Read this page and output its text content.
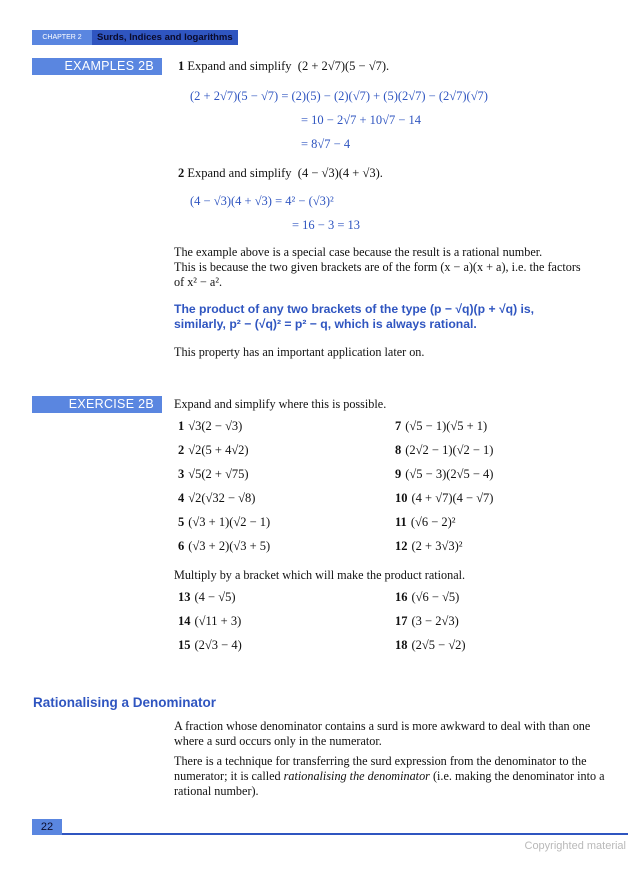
CHAPTER 2	Surds, Indices and logarithms
EXAMPLES 2B	1 Expand and simplify (2 + 2√7)(5 − √7).
(2 + 2√7)(5 − √7) = (2)(5) − (2)(√7) + (5)(2√7) − (2√7)(√7)
= 10 − 2√7 + 10√7 − 14
= 8√7 − 4
2 Expand and simplify (4 − √3)(4 + √3).
(4 − √3)(4 + √3) = 4² − (√3)²
= 16 − 3 = 13
The example above is a special case because the result is a rational number.
This is because the two given brackets are of the form (x − a)(x + a), i.e. the factors
of x² − a².
The product of any two brackets of the type (p − √q)(p + √q) is,
similarly, p² − (√q)² = p² − q, which is always rational.
This property has an important application later on.
EXERCISE 2B	Expand and simplify where this is possible.
1 √3(2 − √3)
2 √2(5 + 4√2)
3 √5(2 + √75)
4 √2(√32 − √8)
5 (√3 + 1)(√2 − 1)
6 (√3 + 2)(√3 + 5)
7 (√5 − 1)(√5 + 1)
8 (2√2 − 1)(√2 − 1)
9 (√5 − 3)(2√5 − 4)
10 (4 + √7)(4 − √7)
11 (√6 − 2)²
12 (2 + 3√3)²
Multiply by a bracket which will make the product rational.
13 (4 − √5)
14 (√11 + 3)
15 (2√3 − 4)
16 (√6 − √5)
17 (3 − 2√3)
18 (2√5 − √2)
Rationalising a Denominator
A fraction whose denominator contains a surd is more awkward to deal with than one
where a surd occurs only in the numerator.
There is a technique for transferring the surd expression from the denominator to the
numerator; it is called rationalising the denominator (i.e. making the denominator into a
rational number).
22
Copyrighted material
